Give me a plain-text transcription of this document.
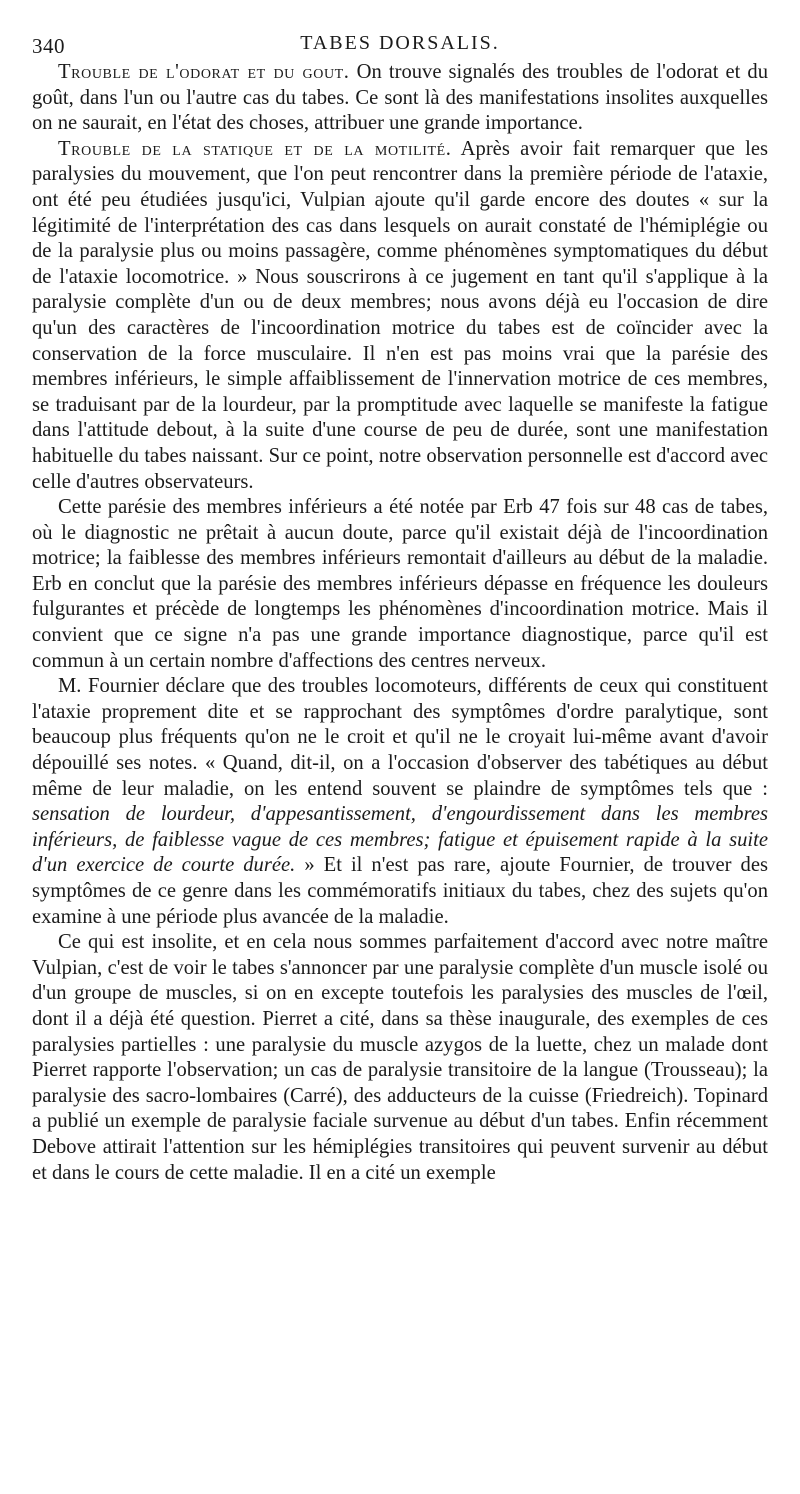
340	TABES DORSALIS.

Trouble de l'odorat et du gout. On trouve signalés des troubles de l'odorat et du goût, dans l'un ou l'autre cas du tabes. Ce sont là des manifestations insolites auxquelles on ne saurait, en l'état des choses, attribuer une grande importance.

Trouble de la statique et de la motilité. Après avoir fait remarquer que les paralysies du mouvement, que l'on peut rencontrer dans la première période de l'ataxie, ont été peu étudiées jusqu'ici, Vulpian ajoute qu'il garde encore des doutes « sur la légitimité de l'interprétation des cas dans lesquels on aurait constaté de l'hémiplégie ou de la paralysie plus ou moins passagère, comme phénomènes symptomatiques du début de l'ataxie locomotrice. » Nous souscrirons à ce jugement en tant qu'il s'applique à la paralysie complète d'un ou de deux membres; nous avons déjà eu l'occasion de dire qu'un des caractères de l'incoordination motrice du tabes est de coïncider avec la conservation de la force musculaire. Il n'en est pas moins vrai que la parésie des membres inférieurs, le simple affaiblissement de l'innervation motrice de ces membres, se traduisant par de la lourdeur, par la promptitude avec laquelle se manifeste la fatigue dans l'attitude debout, à la suite d'une course de peu de durée, sont une manifestation habituelle du tabes naissant. Sur ce point, notre observation personnelle est d'accord avec celle d'autres observateurs.

Cette parésie des membres inférieurs a été notée par Erb 47 fois sur 48 cas de tabes, où le diagnostic ne prêtait à aucun doute, parce qu'il existait déjà de l'incoordination motrice; la faiblesse des membres inférieurs remontait d'ailleurs au début de la maladie. Erb en conclut que la parésie des membres inférieurs dépasse en fréquence les douleurs fulgurantes et précède de longtemps les phénomènes d'incoordination motrice. Mais il convient que ce signe n'a pas une grande importance diagnostique, parce qu'il est commun à un certain nombre d'affections des centres nerveux.

M. Fournier déclare que des troubles locomoteurs, différents de ceux qui constituent l'ataxie proprement dite et se rapprochant des symptômes d'ordre paralytique, sont beaucoup plus fréquents qu'on ne le croit et qu'il ne le croyait lui-même avant d'avoir dépouillé ses notes. « Quand, dit-il, on a l'occasion d'observer des tabétiques au début même de leur maladie, on les entend souvent se plaindre de symptômes tels que : sensation de lourdeur, d'appesantissement, d'engourdissement dans les membres inférieurs, de faiblesse vague de ces membres; fatigue et épuisement rapide à la suite d'un exercice de courte durée. » Et il n'est pas rare, ajoute Fournier, de trouver des symptômes de ce genre dans les commémoratifs initiaux du tabes, chez des sujets qu'on examine à une période plus avancée de la maladie.

Ce qui est insolite, et en cela nous sommes parfaitement d'accord avec notre maître Vulpian, c'est de voir le tabes s'annoncer par une paralysie complète d'un muscle isolé ou d'un groupe de muscles, si on en excepte toutefois les paralysies des muscles de l'œil, dont il a déjà été question. Pierret a cité, dans sa thèse inaugurale, des exemples de ces paralysies partielles : une paralysie du muscle azygos de la luette, chez un malade dont Pierret rapporte l'observation; un cas de paralysie transitoire de la langue (Trousseau); la paralysie des sacro-lombaires (Carré), des adducteurs de la cuisse (Friedreich). Topinard a publié un exemple de paralysie faciale survenue au début d'un tabes. Enfin récemment Debove attirait l'attention sur les hémiplégies transitoires qui peuvent survenir au début et dans le cours de cette maladie. Il en a cité un exemple
